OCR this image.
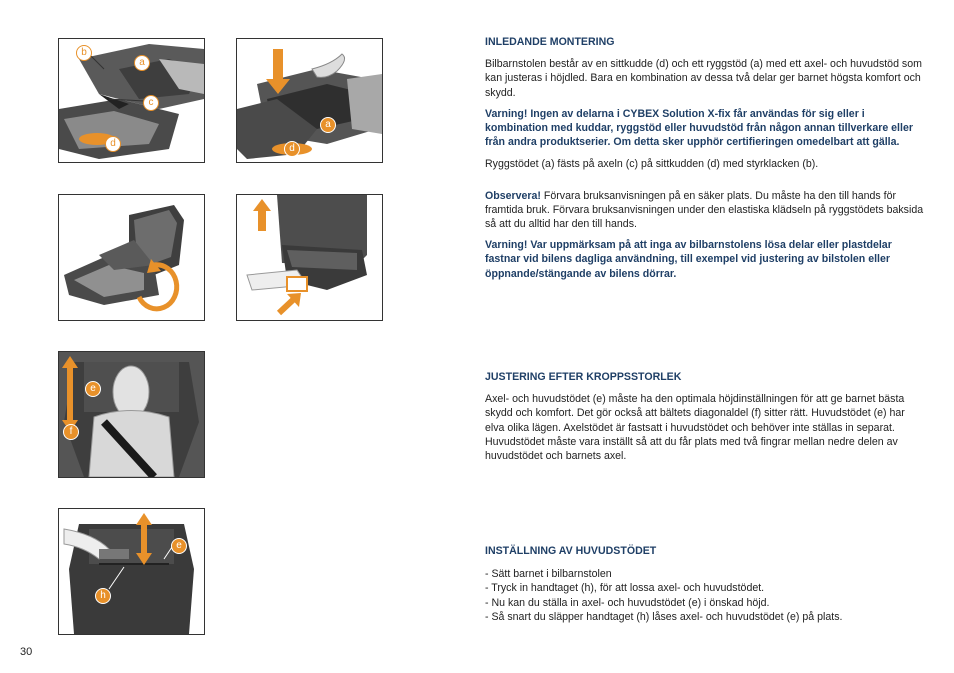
b
a
c
d
a
d
e
f
e
h

INLEDANDE MONTERING

Bilbarnstolen består av en sittkudde (d) och ett ryggstöd (a) med ett axel- och huvudstöd som kan justeras i höjdled. Bara en kombination av dessa två delar ger barnet högsta komfort och skydd.

Varning! Ingen av delarna i CYBEX Solution X-fix får användas för sig eller i kombination med kuddar, ryggstöd eller huvudstöd från någon annan tillverkare eller från andra produktserier. Om detta sker upphör certifieringen omedelbart att gälla.

Ryggstödet (a) fästs på axeln (c) på sittkudden (d) med styrklacken (b).

Observera! Förvara bruksanvisningen på en säker plats. Du måste ha den till hands för framtida bruk. Förvara bruksanvisningen under den elastiska klädseln på ryggstödets baksida så att du alltid har den till hands.

Varning! Var uppmärksam på att inga av bilbarnstolens lösa delar eller plastdelar fastnar vid bilens dagliga användning, till exempel vid justering av bilstolen eller öppnande/stängande av bilens dörrar.

JUSTERING EFTER KROPPSSTORLEK

Axel- och huvudstödet (e) måste ha den optimala höjdinställningen för att ge barnet bästa skydd och komfort. Det gör också att bältets diagonaldel (f) sitter rätt. Huvudstödet (e) har elva olika lägen. Axelstödet är fastsatt i huvudstödet och behöver inte ställas in separat. Huvudstödet måste vara inställt så att du får plats med två fingrar mellan nedre delen av huvudstödet och barnets axel.

INSTÄLLNING AV HUVUDSTÖDET

- Sätt barnet i bilbarnstolen
- Tryck in handtaget (h), för att lossa axel- och huvudstödet.
- Nu kan du ställa in axel- och huvudstödet (e) i önskad höjd.
- Så snart du släpper handtaget (h) låses axel- och huvudstödet (e) på plats.
30
